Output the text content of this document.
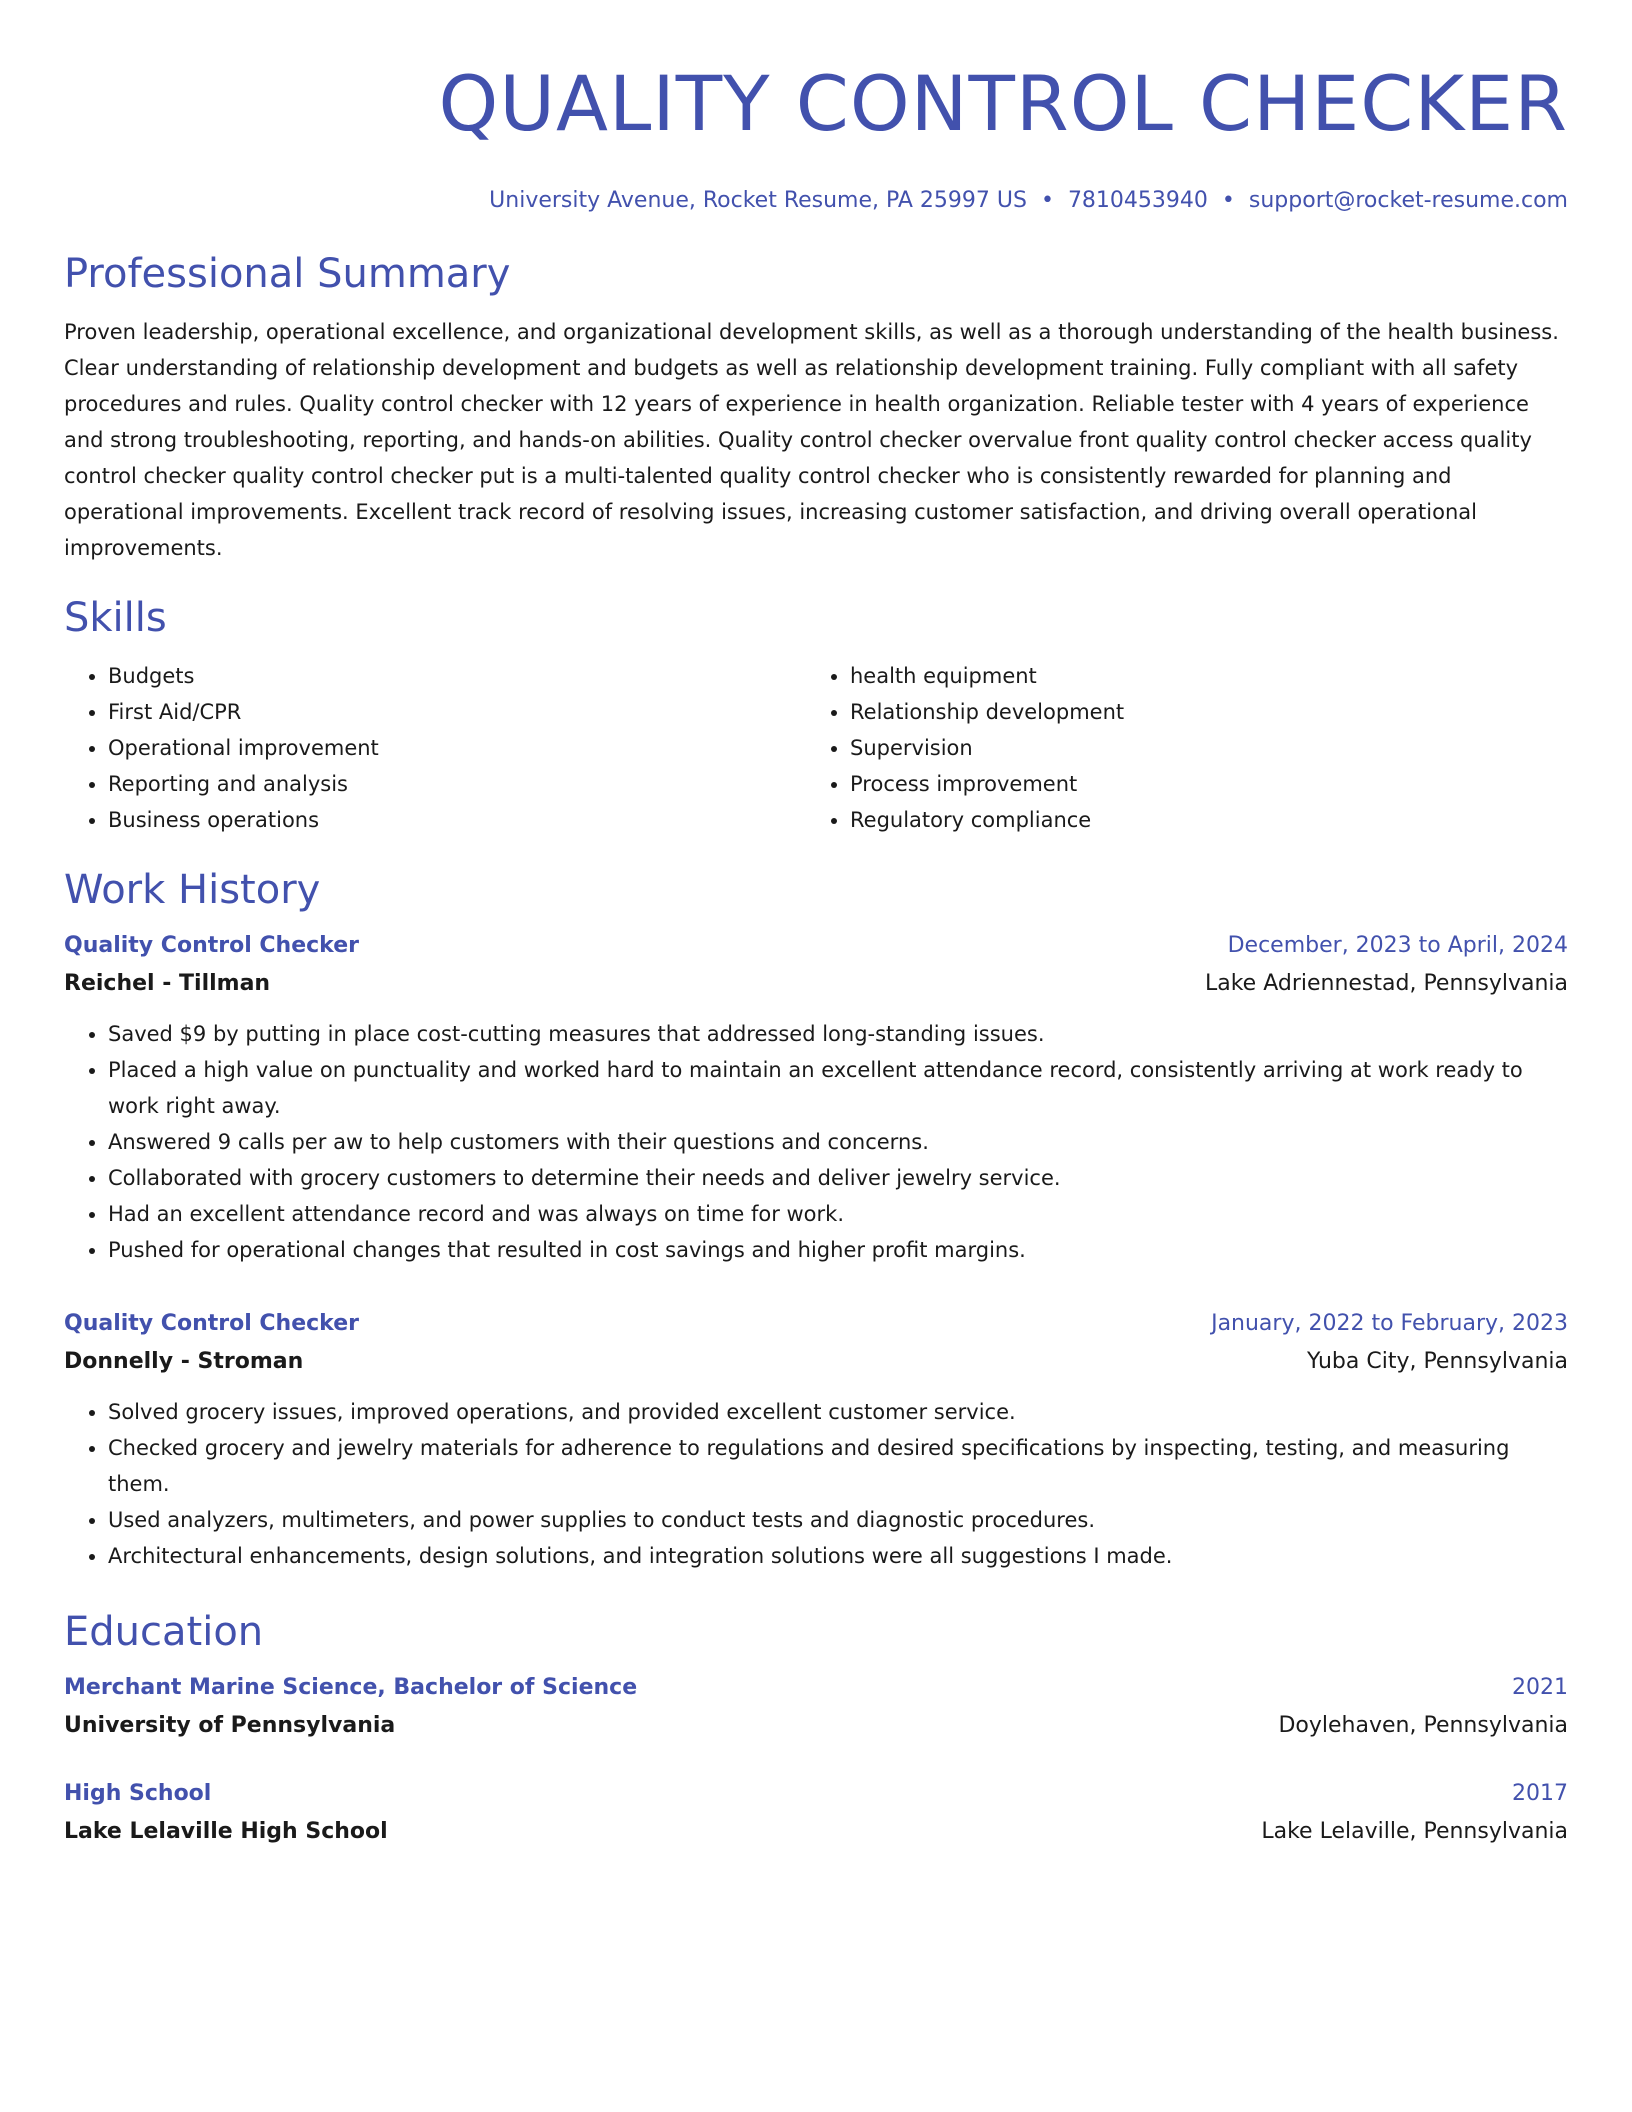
QUALITY CONTROL CHECKER
University Avenue, Rocket Resume, PA 25997 US • 7810453940 • support@rocket-resume.com
Professional Summary
Proven leadership, operational excellence, and organizational development skills, as well as a thorough understanding of the health business. Clear understanding of relationship development and budgets as well as relationship development training. Fully compliant with all safety procedures and rules. Quality control checker with 12 years of experience in health organization. Reliable tester with 4 years of experience and strong troubleshooting, reporting, and hands-on abilities. Quality control checker overvalue front quality control checker access quality control checker quality control checker put is a multi-talented quality control checker who is consistently rewarded for planning and operational improvements. Excellent track record of resolving issues, increasing customer satisfaction, and driving overall operational improvements.
Skills
• Budgets
• First Aid/CPR
• Operational improvement
• Reporting and analysis
• Business operations
• health equipment
• Relationship development
• Supervision
• Process improvement
• Regulatory compliance
Work History
Quality Control Checker	December, 2023 to April, 2024
Reichel - Tillman	Lake Adriennestad, Pennsylvania
• Saved $9 by putting in place cost-cutting measures that addressed long-standing issues.
• Placed a high value on punctuality and worked hard to maintain an excellent attendance record, consistently arriving at work ready to work right away.
• Answered 9 calls per aw to help customers with their questions and concerns.
• Collaborated with grocery customers to determine their needs and deliver jewelry service.
• Had an excellent attendance record and was always on time for work.
• Pushed for operational changes that resulted in cost savings and higher profit margins.
Quality Control Checker	January, 2022 to February, 2023
Donnelly - Stroman	Yuba City, Pennsylvania
• Solved grocery issues, improved operations, and provided excellent customer service.
• Checked grocery and jewelry materials for adherence to regulations and desired specifications by inspecting, testing, and measuring them.
• Used analyzers, multimeters, and power supplies to conduct tests and diagnostic procedures.
• Architectural enhancements, design solutions, and integration solutions were all suggestions I made.
Education
Merchant Marine Science, Bachelor of Science	2021
University of Pennsylvania	Doylehaven, Pennsylvania
High School	2017
Lake Lelaville High School	Lake Lelaville, Pennsylvania
